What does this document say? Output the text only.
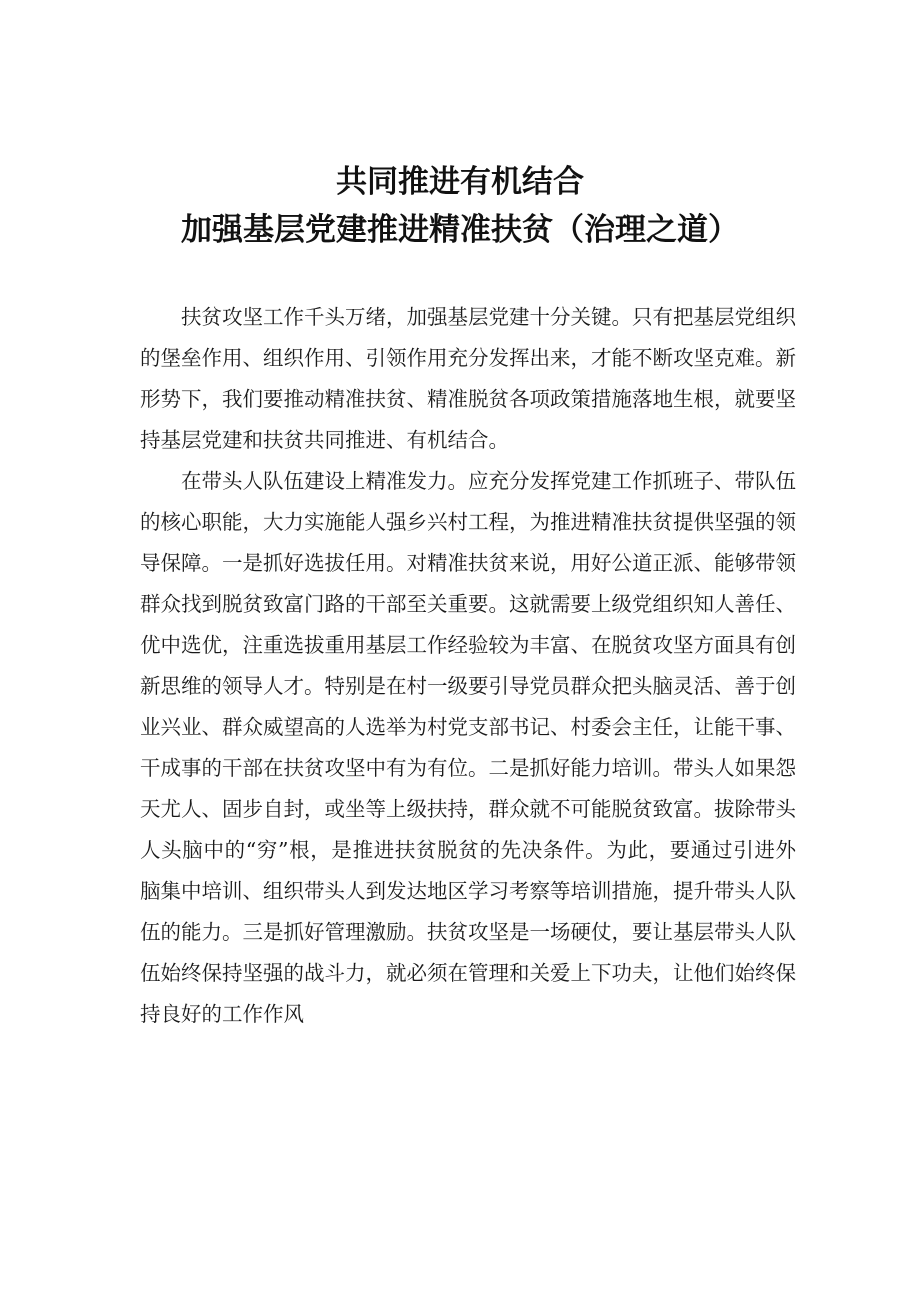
共同推进有机结合
加强基层党建推进精准扶贫（治理之道）

扶贫攻坚工作千头万绪，加强基层党建十分关键。只有把基层党组织的堡垒作用、组织作用、引领作用充分发挥出来，才能不断攻坚克难。新形势下，我们要推动精准扶贫、精准脱贫各项政策措施落地生根，就要坚持基层党建和扶贫共同推进、有机结合。

在带头人队伍建设上精准发力。应充分发挥党建工作抓班子、带队伍的核心职能，大力实施能人强乡兴村工程，为推进精准扶贫提供坚强的领导保障。一是抓好选拔任用。对精准扶贫来说，用好公道正派、能够带领群众找到脱贫致富门路的干部至关重要。这就需要上级党组织知人善任、优中选优，注重选拔重用基层工作经验较为丰富、在脱贫攻坚方面具有创新思维的领导人才。特别是在村一级要引导党员群众把头脑灵活、善于创业兴业、群众威望高的人选举为村党支部书记、村委会主任，让能干事、干成事的干部在扶贫攻坚中有为有位。二是抓好能力培训。带头人如果怨天尤人、固步自封，或坐等上级扶持，群众就不可能脱贫致富。拔除带头人头脑中的“穷”根，是推进扶贫脱贫的先决条件。为此，要通过引进外脑集中培训、组织带头人到发达地区学习考察等培训措施，提升带头人队伍的能力。三是抓好管理激励。扶贫攻坚是一场硬仗，要让基层带头人队伍始终保持坚强的战斗力，就必须在管理和关爱上下功夫，让他们始终保持良好的工作作风
